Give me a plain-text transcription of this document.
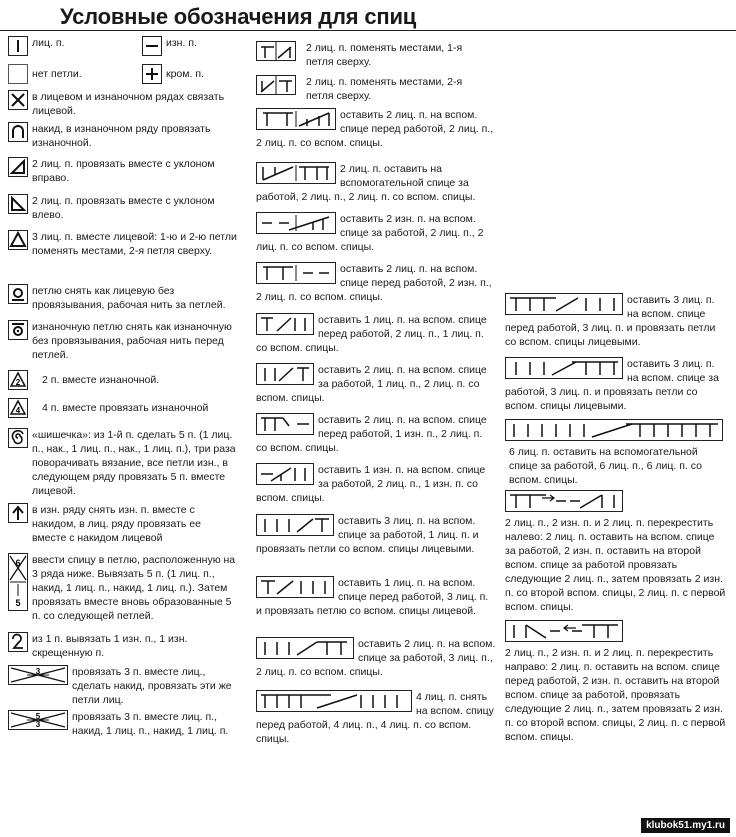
Условные обозначения для спиц
лиц. п.	изн. п.
нет петли.	кром. п.
в лицевом и изнаночном рядах связать лицевой.
накид, в изнаночном ряду провязать изнаночной.
2 лиц. п. провязать вместе с уклоном вправо.
2 лиц. п. провязать вместе с уклоном влево.
3 лиц. п. вместе лицевой: 1-ю и 2-ю петли поменять местами, 2-я петля сверху.
петлю снять как лицевую без провязывания, рабочая нить за петлей.
изнаночную петлю снять как изнаночную без провязывания, рабочая нить перед петлей.
2	2 п. вместе изнаночной.
4	4 п. вместе провязать изнаночной
«шишечка»: из 1-й п. сделать 5 п. (1 лиц. п., нак., 1 лиц. п., нак., 1 лиц. п.), три раза поворачивать вязание, все петли изн., в следующем ряду провязать 5 п. вместе лицевой.
в изн. ряду снять изн. п. вместе с накидом, в лиц. ряду провязать ее вместе с накидом лицевой
6
5
ввести спицу в петлю, расположенную на 3 ряда ниже. Вывязать 5 п. (1 лиц. п., накид, 1 лиц. п., накид, 1 лиц. п.). Затем провязать вместе вновь образованные 5 п. со следующей петлей.
из 1 п. вывязать 1 изн. п., 1 изн. скрещенную п.
3	провязать 3 п. вместе лиц., сделать накид, провязать эти же петли лиц.
5
3
провязать 3 п. вместе лиц. п., накид, 1 лиц. п., накид, 1 лиц. п.
2 лиц. п. поменять местами, 1-я петля сверху.
2 лиц. п. поменять местами, 2-я петля сверху.
оставить 2 лиц. п. на вспом. спице перед работой, 2 лиц. п., 2 лиц. п. со вспом. спицы.
2 лиц. п. оставить на вспомогательной спице за работой, 2 лиц. п., 2 лиц. п. со вспом. спицы.
оставить 2 изн. п. на вспом. спице за работой, 2 лиц. п., 2 лиц. п. со вспом. спицы.
оставить 2 лиц. п. на вспом. спице перед работой, 2 изн. п., 2 лиц. п. со вспом. спицы.
оставить 1 лиц. п. на вспом. спице перед работой, 2 лиц. п., 1 лиц. п. со вспом. спицы.
оставить 2 лиц. п. на вспом. спице за работой, 1 лиц. п., 2 лиц. п. со вспом. спицы.
оставить 2 лиц. п. на вспом. спице перед работой, 1 изн. п., 2 лиц. п. со вспом. спицы.
оставить 1 изн. п. на вспом. спице за работой, 2 лиц. п., 1 изн. п. со вспом. спицы.
оставить 3 лиц. п. на вспом. спице за работой, 1 лиц. п. и провязать петли со вспом. спицы лицевыми.
оставить 1 лиц. п. на вспом. спице перед работой, 3 лиц. п. и провязать петлю со вспом. спицы лицевой.
оставить 2 лиц. п. на вспом. спице за работой, 3 лиц. п., 2 лиц. п. со вспом. спицы.
4 лиц. п. снять на вспом. спицу перед работой, 4 лиц. п., 4 лиц. п. со вспом. спицы.
оставить 3 лиц. п. на вспом. спице перед работой, 3 лиц. п. и провязать петли со вспом. спицы лицевыми.
оставить 3 лиц. п. на вспом. спице за работой, 3 лиц. п. и провязать петли со вспом. спицы лицевыми.
6 лиц. п. оставить на вспомогательной спице за работой, 6 лиц. п., 6 лиц. п. со вспом. спицы.
2 лиц. п., 2 изн. п. и 2 лиц. п. перекрестить налево: 2 лиц. п. оставить на вспом. спице за работой, 2 изн. п. оставить на второй вспом. спице за работой провязать следующие 2 лиц. п., затем провязать 2 изн. п. со второй вспом. спицы, 2 лиц. п. с первой вспом. спицы.
2 лиц. п., 2 изн. п. и 2 лиц. п. перекрестить направо: 2 лиц. п. оставить на вспом. спице перед работой, 2 изн. п. оставить на второй вспом. спице за работой, провязать следующие 2 лиц. п., затем провязать 2 изн. п. со второй вспом. спицы, 2 лиц. п. с первой вспом. спицы.
klubok51.my1.ru
